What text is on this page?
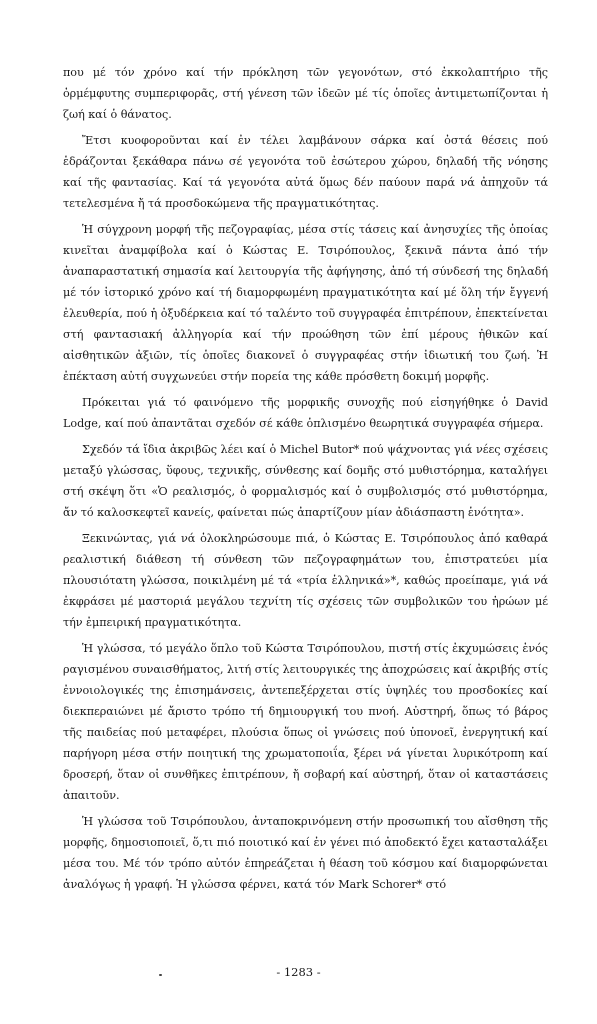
που μέ τόν χρόνο καί τήν πρόκληση τῶν γεγονότων, στό ἐκκολαπτήριο τῆς ὁρμέμφυτης συμπεριφορᾶς, στή γένεση τῶν ἰδεῶν μέ τίς ὁποῖες ἀντιμετωπίζονται ἡ ζωή καί ὁ θάνατος.

Ἔτσι κυοφοροῦνται καί ἐν τέλει λαμβάνουν σάρκα καί ὀστά θέσεις πού ἑδράζονται ξεκάθαρα πάνω σέ γεγονότα τοῦ ἐσώτερου χώρου, δηλαδή τῆς νόησης καί τῆς φαντασίας. Καί τά γεγονότα αὐτά ὅμως δέν παύουν παρά νά ἀπηχοῦν τά τετελεσμένα ἤ τά προσδοκώμενα τῆς πραγματικότητας.

Ἡ σύγχρονη μορφή τῆς πεζογραφίας, μέσα στίς τάσεις καί ἀνησυχίες τῆς ὁποίας κινεῖται ἀναμφίβολα καί ὁ Κώστας Ε. Τσιρόπουλος, ξεκινᾶ πάντα ἀπό τήν ἀναπαραστατική σημασία καί λειτουργία τῆς ἀφήγησης, ἀπό τή σύνδεσή της δηλαδή μέ τόν ἱστορικό χρόνο καί τή διαμορφωμένη πραγματικότητα καί μέ ὅλη τήν ἔγγενή ἐλευθερία, πού ἡ ὀξυδέρκεια καί τό ταλέντο τοῦ συγγραφέα ἐπιτρέπουν, ἐπεκτείνεται στή φαντασιακή ἀλληγορία καί τήν προώθηση τῶν ἐπί μέρους ἠθικῶν καί αἰσθητικῶν ἀξιῶν, τίς ὁποῖες διακονεῖ ὁ συγγραφέας στήν ἰδιωτική του ζωή. Ἡ ἐπέκταση αὐτή συγχωνεύει στήν πορεία της κάθε πρόσθετη δοκιμή μορφῆς.

Πρόκειται γιά τό φαινόμενο τῆς μορφικῆς συνοχῆς πού εἰσηγήθηκε ὁ David Lodge, καί πού ἀπαντᾶται σχεδόν σέ κάθε ὁπλισμένο θεωρητικά συγγραφέα σήμερα.

Σχεδόν τά ἴδια ἀκριβῶς λέει καί ὁ Michel Butor* πού ψάχνοντας γιά νέες σχέσεις μεταξύ γλώσσας, ὕφους, τεχνικῆς, σύνθεσης καί δομῆς στό μυθιστόρημα, καταλήγει στή σκέψη ὅτι «Ὁ ρεαλισμός, ὁ φορμαλισμός καί ὁ συμβολισμός στό μυθιστόρημα, ἄν τό καλοσκεφτεῖ κανείς, φαίνεται πώς ἀπαρτίζουν μίαν ἀδιάσπαστη ἑνότητα».

Ξεκινώντας, γιά νά ὁλοκληρώσουμε πιά, ὁ Κώστας Ε. Τσιρόπουλος ἀπό καθαρά ρεαλιστική διάθεση τή σύνθεση τῶν πεζογραφημάτων του, ἐπιστρατεύει μία πλουσιότατη γλώσσα, ποικιλμένη μέ τά «τρία ἑλληνικά»*, καθώς προείπαμε, γιά νά ἐκφράσει μέ μαστοριά μεγάλου τεχνίτη τίς σχέσεις τῶν συμβολικῶν του ἡρώων μέ τήν ἐμπειρική πραγματικότητα.

Ἡ γλώσσα, τό μεγάλο ὅπλο τοῦ Κώστα Τσιρόπουλου, πιστή στίς ἐκχυμώσεις ἑνός ραγισμένου συναισθήματος, λιτή στίς λειτουργικές της ἀποχρώσεις καί ἀκριβής στίς ἐννοιολογικές της ἐπισημάνσεις, ἀντεπεξέρχεται στίς ὑψηλές του προσδοκίες καί διεκπεραιώνει μέ ἄριστο τρόπο τή δημιουργική του πνοή. Αὐστηρή, ὅπως τό βάρος τῆς παιδείας πού μεταφέρει, πλούσια ὅπως οἱ γνώσεις πού ὑπονοεῖ, ἐνεργητική καί παρήγορη μέσα στήν ποιητική της χρωματοποιΐα, ξέρει νά γίνεται λυρικότροπη καί δροσερή, ὅταν οἱ συνθῆκες ἐπιτρέπουν, ἤ σοβαρή καί αὐστηρή, ὅταν οἱ καταστάσεις ἀπαιτοῦν.

Ἡ γλώσσα τοῦ Τσιρόπουλου, ἀνταποκρινόμενη στήν προσωπική του αἴσθηση τῆς μορφῆς, δημοσιοποιεῖ, ὅ,τι πιό ποιοτικό καί ἐν γένει πιό ἀποδεκτό ἔχει κατασταλάξει μέσα του. Μέ τόν τρόπο αὐτόν ἐπηρεάζεται ἡ θέαση τοῦ κόσμου καί διαμορφώνεται ἀναλόγως ἡ γραφή. Ἡ γλώσσα φέρνει, κατά τόν Mark Schorer* στό

- 1283 -
